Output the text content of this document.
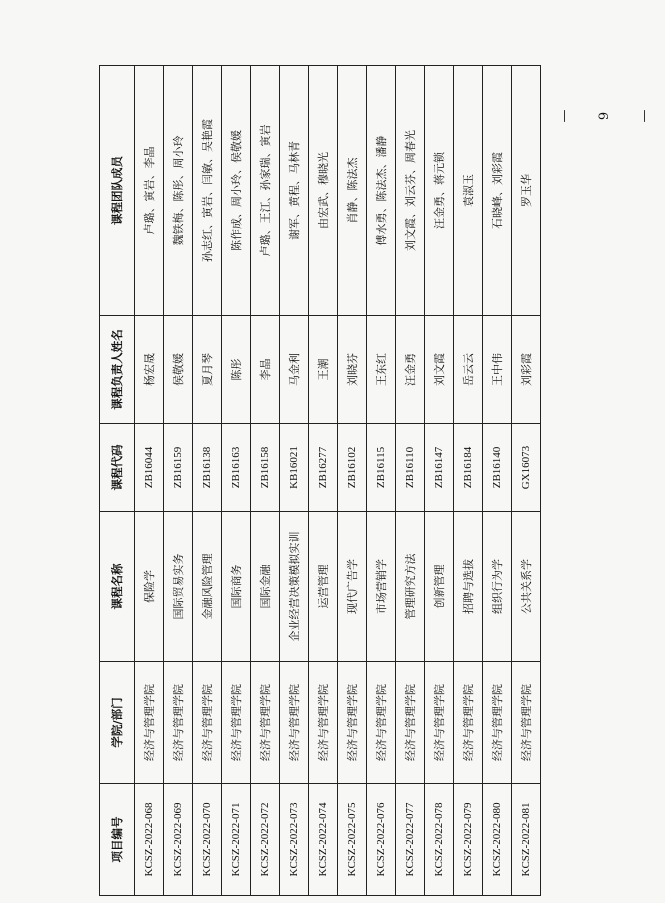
项目编号	学院/部门	课程名称	课程代码	课程负责人姓名	课程团队成员
KCSZ-2022-068	经济与管理学院	保险学	ZB16044	杨宏晟	卢璐、寅岩、李晶
KCSZ-2022-069	经济与管理学院	国际贸易实务	ZB16159	侯敬媛	魏铁梅、陈彤、周小玲
KCSZ-2022-070	经济与管理学院	金融风险管理	ZB16138	夏月琴	孙志红、寅岩、闫敏、吴艳霞
KCSZ-2022-071	经济与管理学院	国际商务	ZB16163	陈彤	陈作成、周小玲、侯敬媛
KCSZ-2022-072	经济与管理学院	国际金融	ZB16158	李晶	卢璐、王江、孙家瑞、寅岩
KCSZ-2022-073	经济与管理学院	企业经营决策模拟实训	KB16021	马金利	谢军、黄程、马林青
KCSZ-2022-074	经济与管理学院	运营管理	ZB16277	王潮	由宏武、穆晓光
KCSZ-2022-075	经济与管理学院	现代广告学	ZB16102	刘晓芬	肖静、陈法杰
KCSZ-2022-076	经济与管理学院	市场营销学	ZB16115	王东红	傅水勇、陈法杰、潘静
KCSZ-2022-077	经济与管理学院	管理研究方法	ZB16110	汪金勇	刘文霞、刘云芬、周春光
KCSZ-2022-078	经济与管理学院	创新管理	ZB16147	刘文霞	汪金勇、蒋元锁
KCSZ-2022-079	经济与管理学院	招聘与选拔	ZB16184	岳云云	袁淑玉
KCSZ-2022-080	经济与管理学院	组织行为学	ZB16140	王中伟	石晓峰、刘彩霞
KCSZ-2022-081	经济与管理学院	公共关系学	GX16073	刘彩霞	罗玉华
—9—
